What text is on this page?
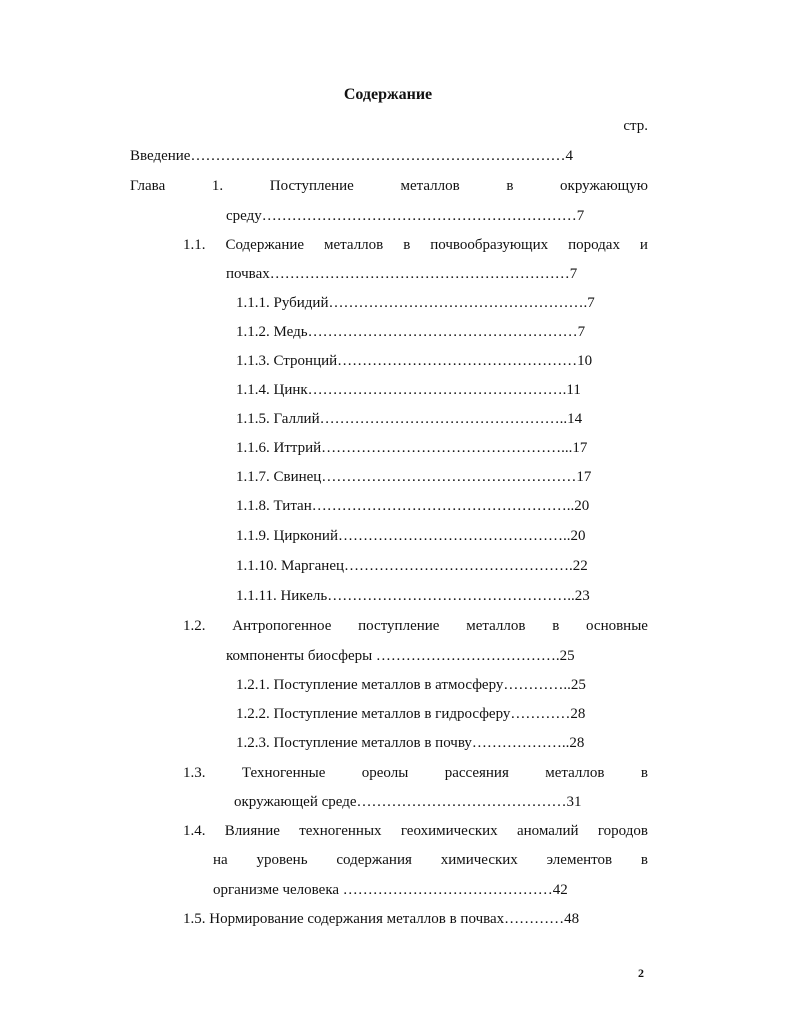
Содержание
стр.
Введение…………………………………………………………………4
Глава	1.	Поступление	металлов	в	окружающую
среду………………………………………………………7
1.1. Содержание металлов в почвообразующих породах и
почвах……………………………………………………7
1.1.1. Рубидий…………………………………………….7
1.1.2. Медь………………………………………………7
1.1.3. Стронций…………………………………………10
1.1.4. Цинк…………………………………………….11
1.1.5. Галлий…………………………………………..14
1.1.6. Иттрий…………………………………………...17
1.1.7. Свинец……………………………………………17
1.1.8. Титан……………………………………………..20
1.1.9. Цирконий………………………………………..20
1.1.10. Марганец……………………………………….22
1.1.11. Никель…………………………………………..23
1.2. Антропогенное поступление металлов в основные
компоненты биосферы ……………………………….25
1.2.1. Поступление металлов в атмосферу…………..25
1.2.2. Поступление металлов в гидросферу…………28
1.2.3. Поступление металлов в почву………………..28
1.3. Техногенные ореолы рассеяния металлов в
окружающей среде……………………………………31
1.4. Влияние техногенных геохимических аномалий городов
на уровень содержания химических элементов в
организме человека ……………………………………42
1.5. Нормирование содержания металлов в почвах…………48
2
